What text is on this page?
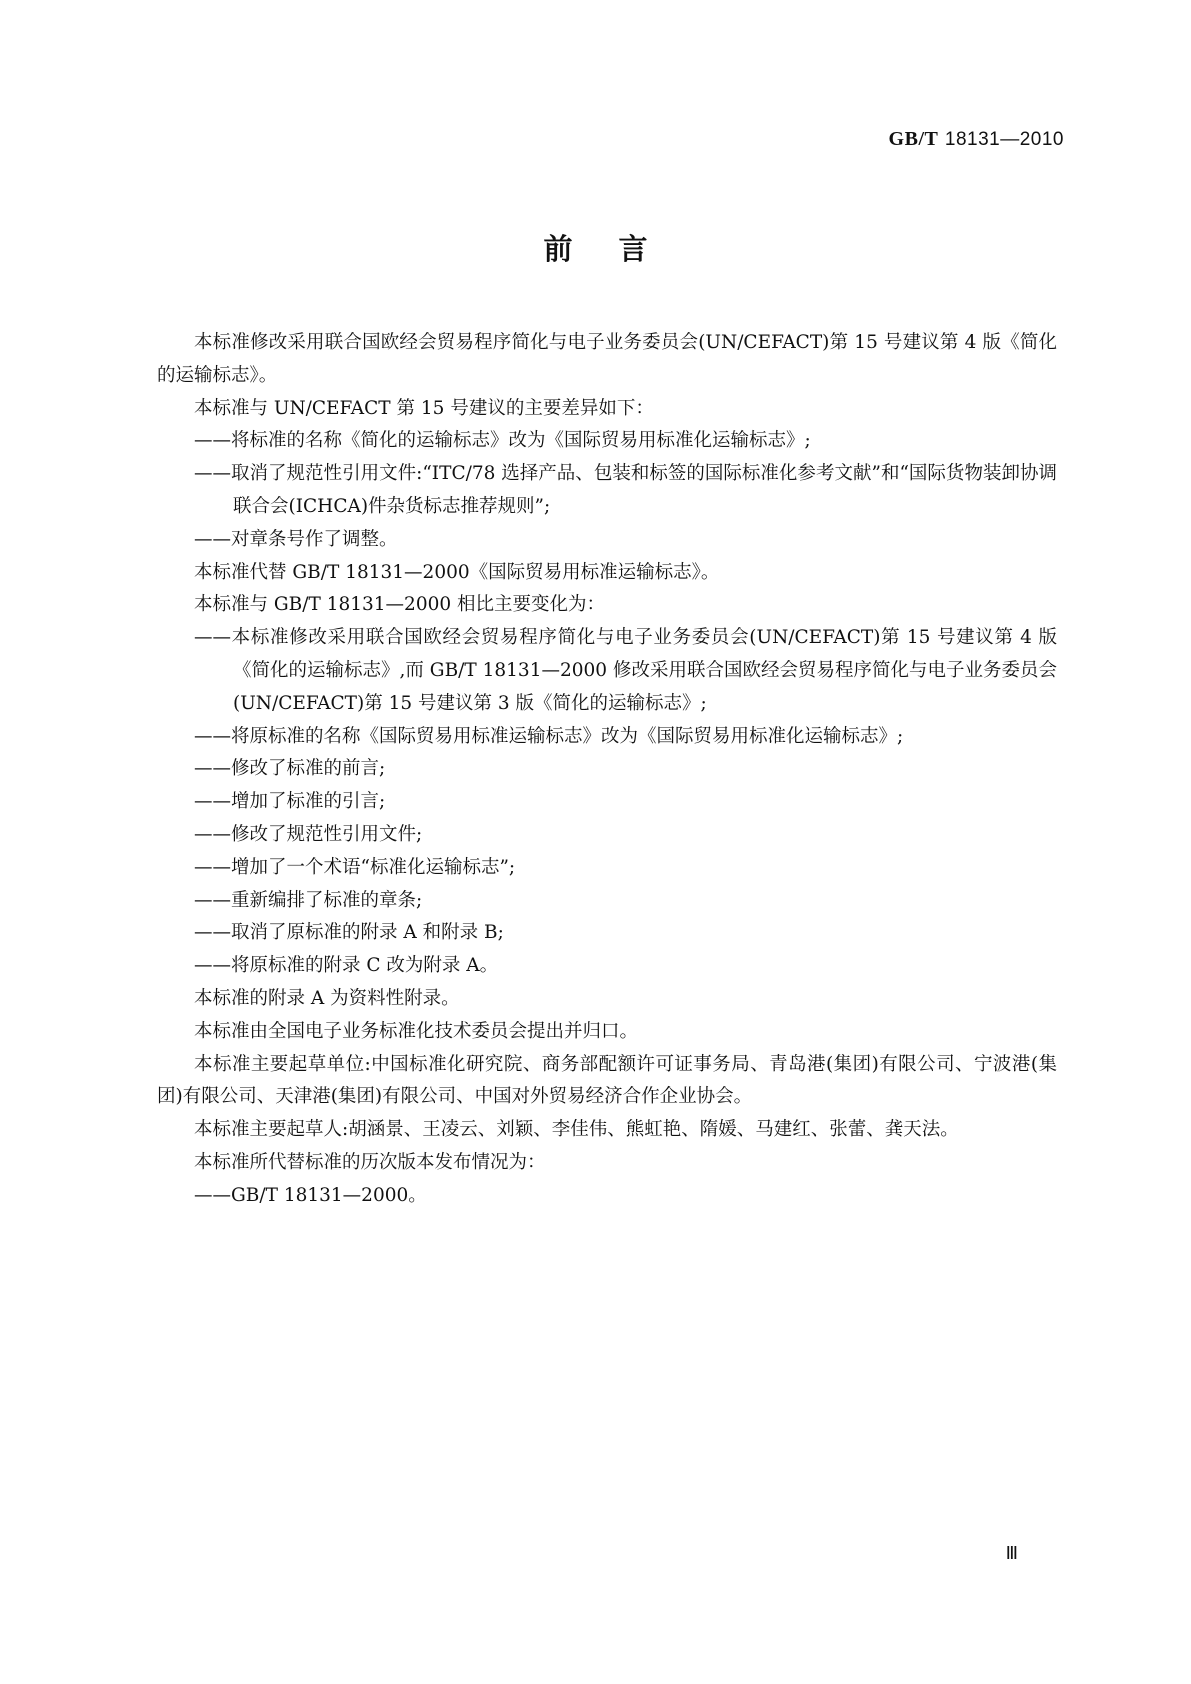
GB/T 18131—2010
前言

本标准修改采用联合国欧经会贸易程序简化与电子业务委员会(UN/CEFACT)第 15 号建议第 4 版《简化的运输标志》。

本标准与 UN/CEFACT 第 15 号建议的主要差异如下：

——将标准的名称《简化的运输标志》改为《国际贸易用标准化运输标志》;

——取消了规范性引用文件:“ITC/78 选择产品、包装和标签的国际标准化参考文献”和“国际货物装卸协调联合会(ICHCA)件杂货标志推荐规则”;

——对章条号作了调整。

本标准代替 GB/T 18131—2000《国际贸易用标准运输标志》。

本标准与 GB/T 18131—2000 相比主要变化为：

——本标准修改采用联合国欧经会贸易程序简化与电子业务委员会(UN/CEFACT)第 15 号建议第 4 版《简化的运输标志》,而 GB/T 18131—2000 修改采用联合国欧经会贸易程序简化与电子业务委员会(UN/CEFACT)第 15 号建议第 3 版《简化的运输标志》;

——将原标准的名称《国际贸易用标准运输标志》改为《国际贸易用标准化运输标志》;

——修改了标准的前言;

——增加了标准的引言;

——修改了规范性引用文件;

——增加了一个术语“标准化运输标志”;

——重新编排了标准的章条;

——取消了原标准的附录 A 和附录 B;

——将原标准的附录 C 改为附录 A。

本标准的附录 A 为资料性附录。

本标准由全国电子业务标准化技术委员会提出并归口。

本标准主要起草单位:中国标准化研究院、商务部配额许可证事务局、青岛港(集团)有限公司、宁波港(集团)有限公司、天津港(集团)有限公司、中国对外贸易经济合作企业协会。

本标准主要起草人:胡涵景、王凌云、刘颖、李佳伟、熊虹艳、隋媛、马建红、张蕾、龚天法。

本标准所代替标准的历次版本发布情况为：

——GB/T 18131—2000。

Ⅲ
